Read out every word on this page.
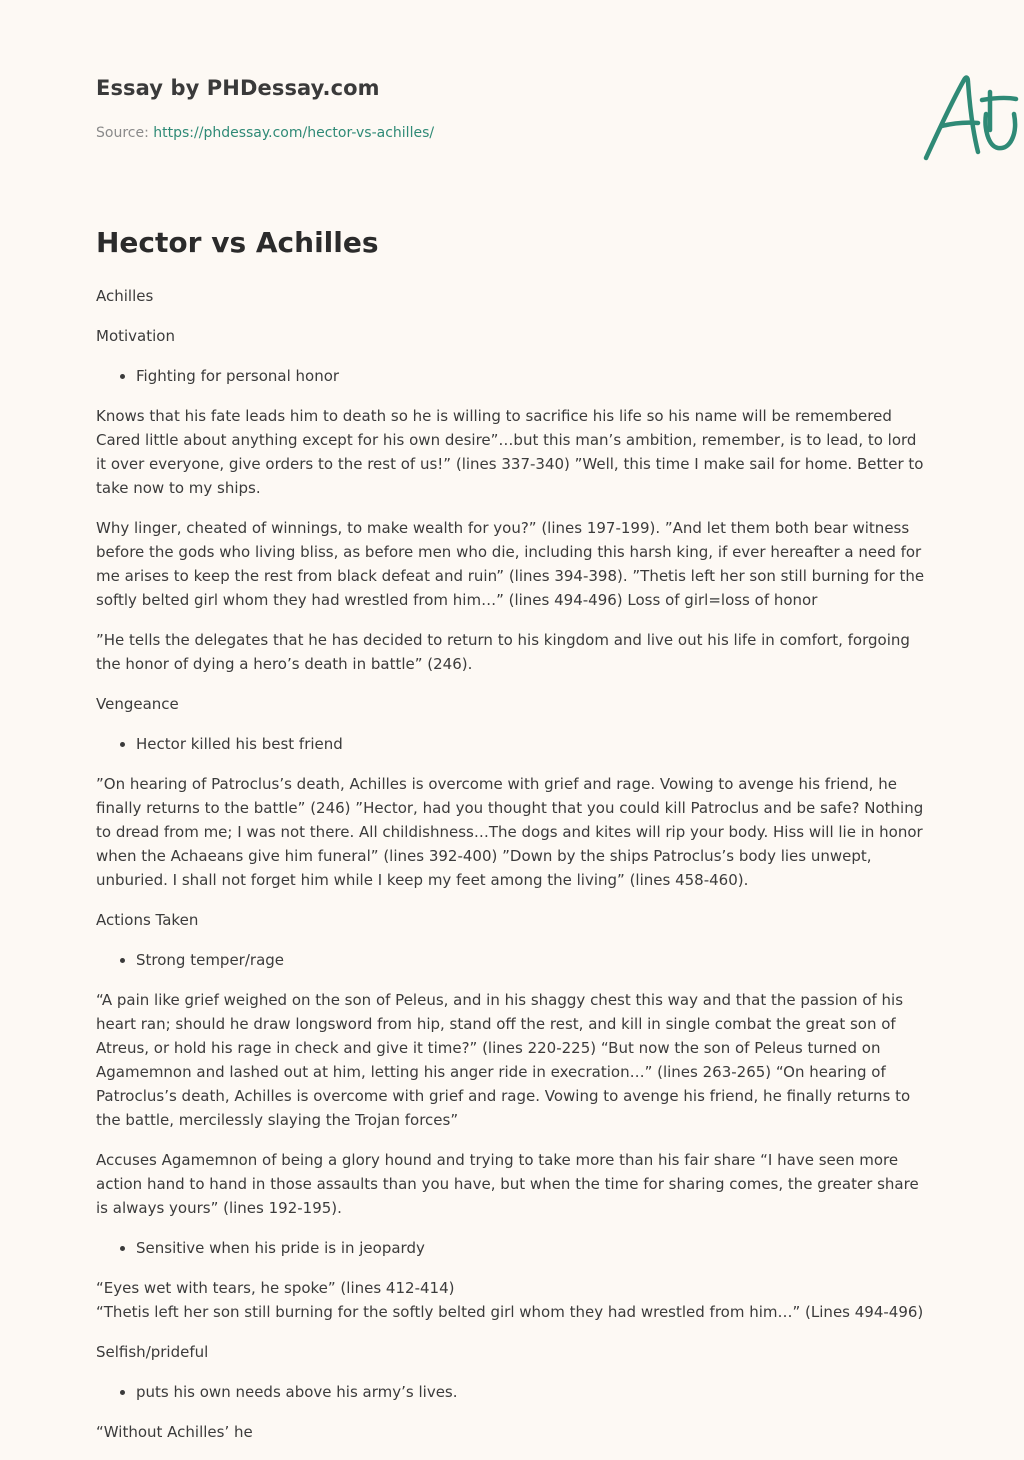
Essay by PHDessay.com
Source: https://phdessay.com/hector-vs-achilles/
Hector vs Achilles

Achilles

Motivation

• Fighting for personal honor

Knows that his fate leads him to death so he is willing to sacrifice his life so his name will be remembered Cared little about anything except for his own desire”…but this man’s ambition, remember, is to lead, to lord it over everyone, give orders to the rest of us!” (lines 337-340) ”Well, this time I make sail for home. Better to take now to my ships.

Why linger, cheated of winnings, to make wealth for you?” (lines 197-199). ”And let them both bear witness before the gods who living bliss, as before men who die, including this harsh king, if ever hereafter a need for me arises to keep the rest from black defeat and ruin” (lines 394-398). ”Thetis left her son still burning for the softly belted girl whom they had wrestled from him…” (lines 494-496) Loss of girl=loss of honor

”He tells the delegates that he has decided to return to his kingdom and live out his life in comfort, forgoing the honor of dying a hero’s death in battle” (246).

Vengeance

• Hector killed his best friend

”On hearing of Patroclus’s death, Achilles is overcome with grief and rage. Vowing to avenge his friend, he finally returns to the battle” (246) ”Hector, had you thought that you could kill Patroclus and be safe? Nothing to dread from me; I was not there. All childishness…The dogs and kites will rip your body. Hiss will lie in honor when the Achaeans give him funeral” (lines 392-400) ”Down by the ships Patroclus’s body lies unwept, unburied. I shall not forget him while I keep my feet among the living” (lines 458-460).

Actions Taken

• Strong temper/rage

“A pain like grief weighed on the son of Peleus, and in his shaggy chest this way and that the passion of his heart ran; should he draw longsword from hip, stand off the rest, and kill in single combat the great son of Atreus, or hold his rage in check and give it time?” (lines 220-225) “But now the son of Peleus turned on Agamemnon and lashed out at him, letting his anger ride in execration…” (lines 263-265) “On hearing of Patroclus’s death, Achilles is overcome with grief and rage. Vowing to avenge his friend, he finally returns to the battle, mercilessly slaying the Trojan forces”

Accuses Agamemnon of being a glory hound and trying to take more than his fair share “I have seen more action hand to hand in those assaults than you have, but when the time for sharing comes, the greater share is always yours” (lines 192-195).

• Sensitive when his pride is in jeopardy

“Eyes wet with tears, he spoke” (lines 412-414)
“Thetis left her son still burning for the softly belted girl whom they had wrestled from him…” (Lines 494-496)

Selfish/prideful

• puts his own needs above his army’s lives.

“Without Achilles’ he
